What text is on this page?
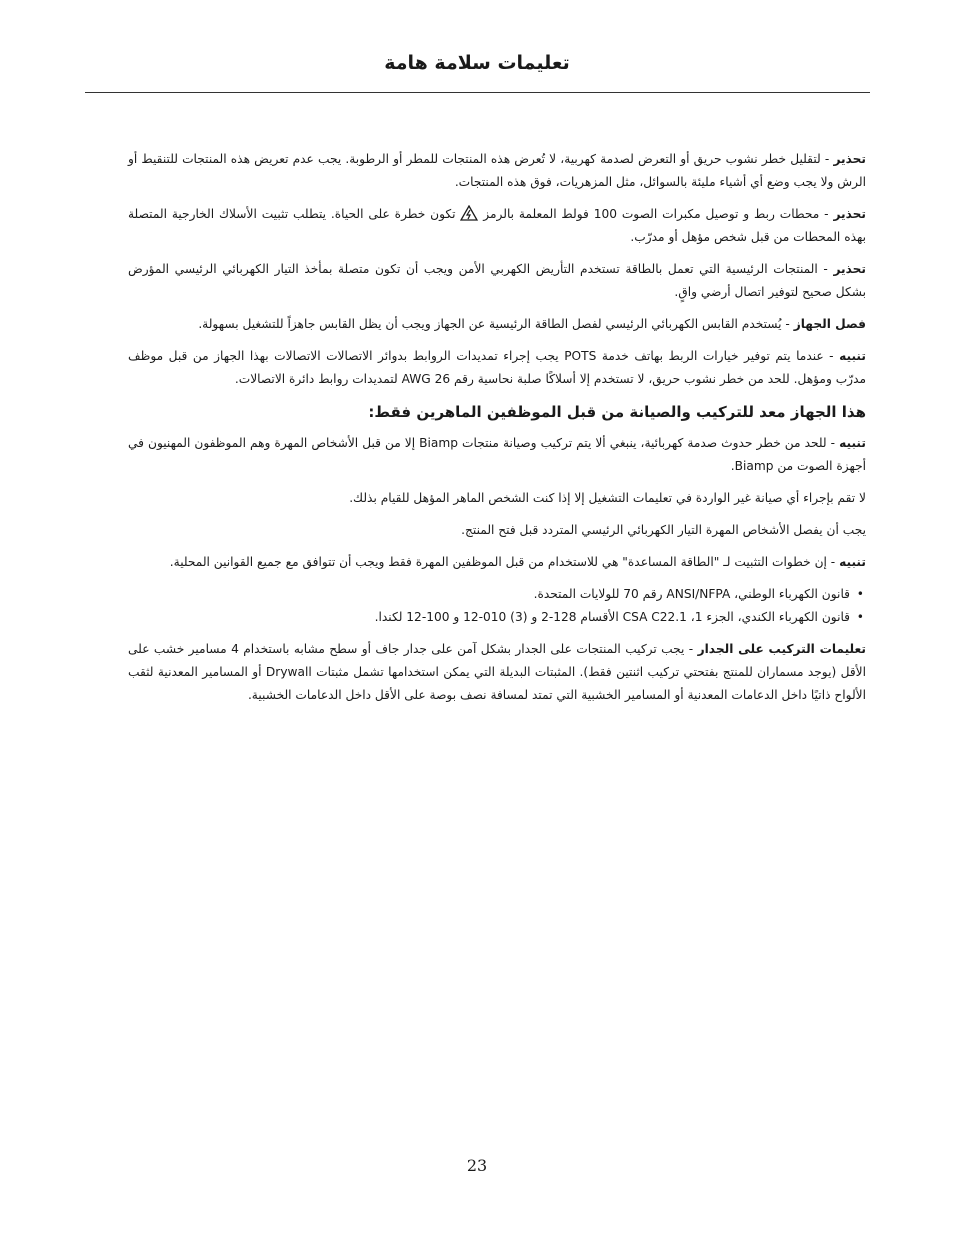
تعليمات سلامة هامة

تحذير - لتقليل خطر نشوب حريق أو التعرض لصدمة كهربية، لا تُعرض هذه المنتجات للمطر أو الرطوبة. يجب عدم تعريض هذه المنتجات للتنقيط أو الرش ولا يجب وضع أي أشياء مليئة بالسوائل، مثل المزهريات، فوق هذه المنتجات.

تحذير - محطات ربط و توصيل مكبرات الصوت 100 فولط المعلمة بالرمز  تكون خطرة على الحياة. يتطلب تثبيت الأسلاك الخارجية المتصلة بهذه المحطات من قبل شخص مؤهل أو مدرّب.

تحذير - المنتجات الرئيسية التي تعمل بالطاقة تستخدم التأريض الكهربي الأمن ويجب أن تكون متصلة بمأخذ التيار الكهربائي الرئيسي المؤرض بشكل صحيح لتوفير اتصال أرضي واقٍ.

فصل الجهاز - يُستخدم القابس الكهربائي الرئيسي لفصل الطاقة الرئيسية عن الجهاز ويجب أن يظل القابس جاهزاً للتشغيل بسهولة.

تنبيه - عندما يتم توفير خيارات الربط بهاتف خدمة POTS يجب إجراء تمديدات الروابط بدوائر الاتصالات الاتصالات بهذا الجهاز من قبل موظف مدرّب ومؤهل. للحد من خطر نشوب حريق، لا تستخدم إلا أسلاكًا صلبة نحاسية رقم AWG 26 لتمديدات روابط دائرة الاتصالات.

هذا الجهاز معد للتركيب والصيانة من قبل الموظفين الماهرين فقط:

تنبيه - للحد من خطر حدوث صدمة كهربائية، ينبغي ألا يتم تركيب وصيانة منتجات Biamp إلا من قبل الأشخاص المهرة وهم الموظفون المهنيون في أجهزة الصوت من Biamp.

لا تقم بإجراء أي صيانة غير الواردة في تعليمات التشغيل إلا إذا كنت الشخص الماهر المؤهل للقيام بذلك.

يجب أن يفصل الأشخاص المهرة التيار الكهربائي الرئيسي المتردد قبل فتح المنتج.

تنبيه - إن خطوات التثبيت لـ "الطاقة المساعدة" هي للاستخدام من قبل الموظفين المهرة فقط ويجب أن تتوافق مع جميع القوانين المحلية.

• قانون الكهرباء الوطني، ANSI/NFPA رقم 70 للولايات المتحدة.
• قانون الكهرباء الكندي، الجزء 1، CSA C22.1 الأقسام 128-2 و (3) 010-12 و 100-12 لكندا.

تعليمات التركيب على الجدار - يجب تركيب المنتجات على الجدار بشكل آمن على جدار جاف أو سطح مشابه باستخدام 4 مسامير خشب على الأقل (يوجد مسماران للمنتج بفتحتي تركيب اثنتين فقط). المثبتات البديلة التي يمكن استخدامها تشمل مثبتات Drywall أو المسامير المعدنية لثقب الألواح ذاتيًا داخل الدعامات المعدنية أو المسامير الخشبية التي تمتد لمسافة نصف بوصة على الأقل داخل الدعامات الخشبية.

23
